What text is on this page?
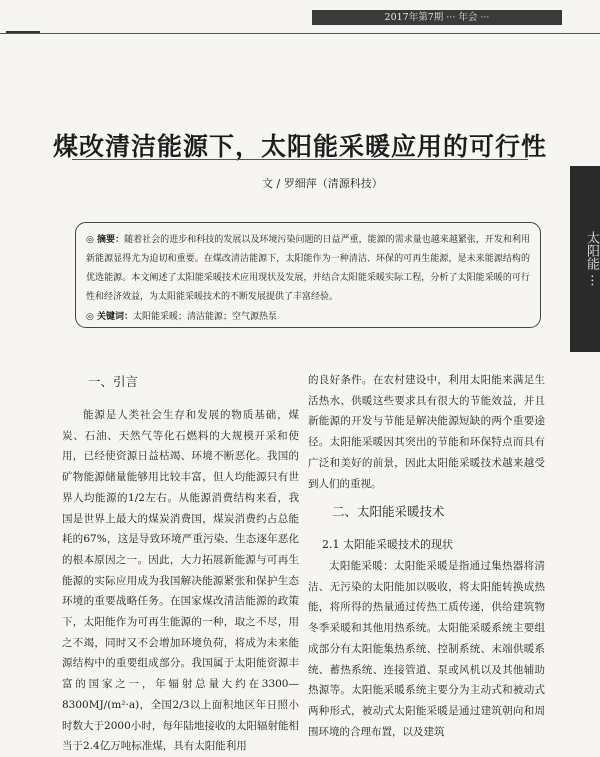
2017年第7期 ··· 年会 ···
太阳能 ···
煤改清洁能源下，太阳能采暖应用的可行性
文 / 罗细萍（清源科技）
◎ 摘要：随着社会的进步和科技的发展以及环境污染问题的日益严重，能源的需求量也越来越紧张，开发和利用新能源显得尤为迫切和重要。在煤改清洁能源下，太阳能作为一种清洁、环保的可再生能源，是未来能源结构的优选能源。本文阐述了太阳能采暖技术应用现状及发展，并结合太阳能采暖实际工程，分析了太阳能采暖的可行性和经济效益，为太阳能采暖技术的不断发展提供了丰富经验。
◎ 关键词：太阳能采暖；清洁能源；空气源热泵
一、引言
能源是人类社会生存和发展的物质基础，煤炭、石油、天然气等化石燃料的大规模开采和使用，已经使资源日益枯竭、环境不断恶化。我国的矿物能源储量能够用比较丰富，但人均能源只有世界人均能源的1/2左右。从能源消费结构来看，我国是世界上最大的煤炭消费国，煤炭消费约占总能耗的67%，这是导致环境严重污染、生态逐年恶化的根本原因之一。因此，大力拓展新能源与可再生能源的实际应用成为我国解决能源紧张和保护生态环境的重要战略任务。在国家煤改清洁能源的政策下，太阳能作为可再生能源的一种，取之不尽，用之不竭，同时又不会增加环境负荷，将成为未来能源结构中的重要组成部分。我国属于太阳能资源丰富的国家之一，年辐射总量大约在3300—8300MJ/(m²·a)，全国2/3以上面积地区年日照小时数大于2000小时，每年陆地接收的太阳辐射能相当于2.4亿万吨标准煤，具有太阳能利用
的良好条件。在农村建设中，利用太阳能来满足生活热水、供暖这些要求具有很大的节能效益，并且新能源的开发与节能是解决能源短缺的两个重要途径。太阳能采暖因其突出的节能和环保特点而具有广泛和美好的前景，因此太阳能采暖技术越来越受到人们的重视。
二、太阳能采暖技术
2.1 太阳能采暖技术的现状
太阳能采暖：太阳能采暖是指通过集热器将清洁、无污染的太阳能加以吸收，将太阳能转换成热能，将所得的热量通过传热工质传递，供给建筑物冬季采暖和其他用热系统。太阳能采暖系统主要组成部分有太阳能集热系统、控制系统、末端供暖系统、蓄热系统、连接管道、泵或风机以及其他辅助热源等。太阳能采暖系统主要分为主动式和被动式两种形式，被动式太阳能采暖是通过建筑朝向和周围环境的合理布置，以及建筑
